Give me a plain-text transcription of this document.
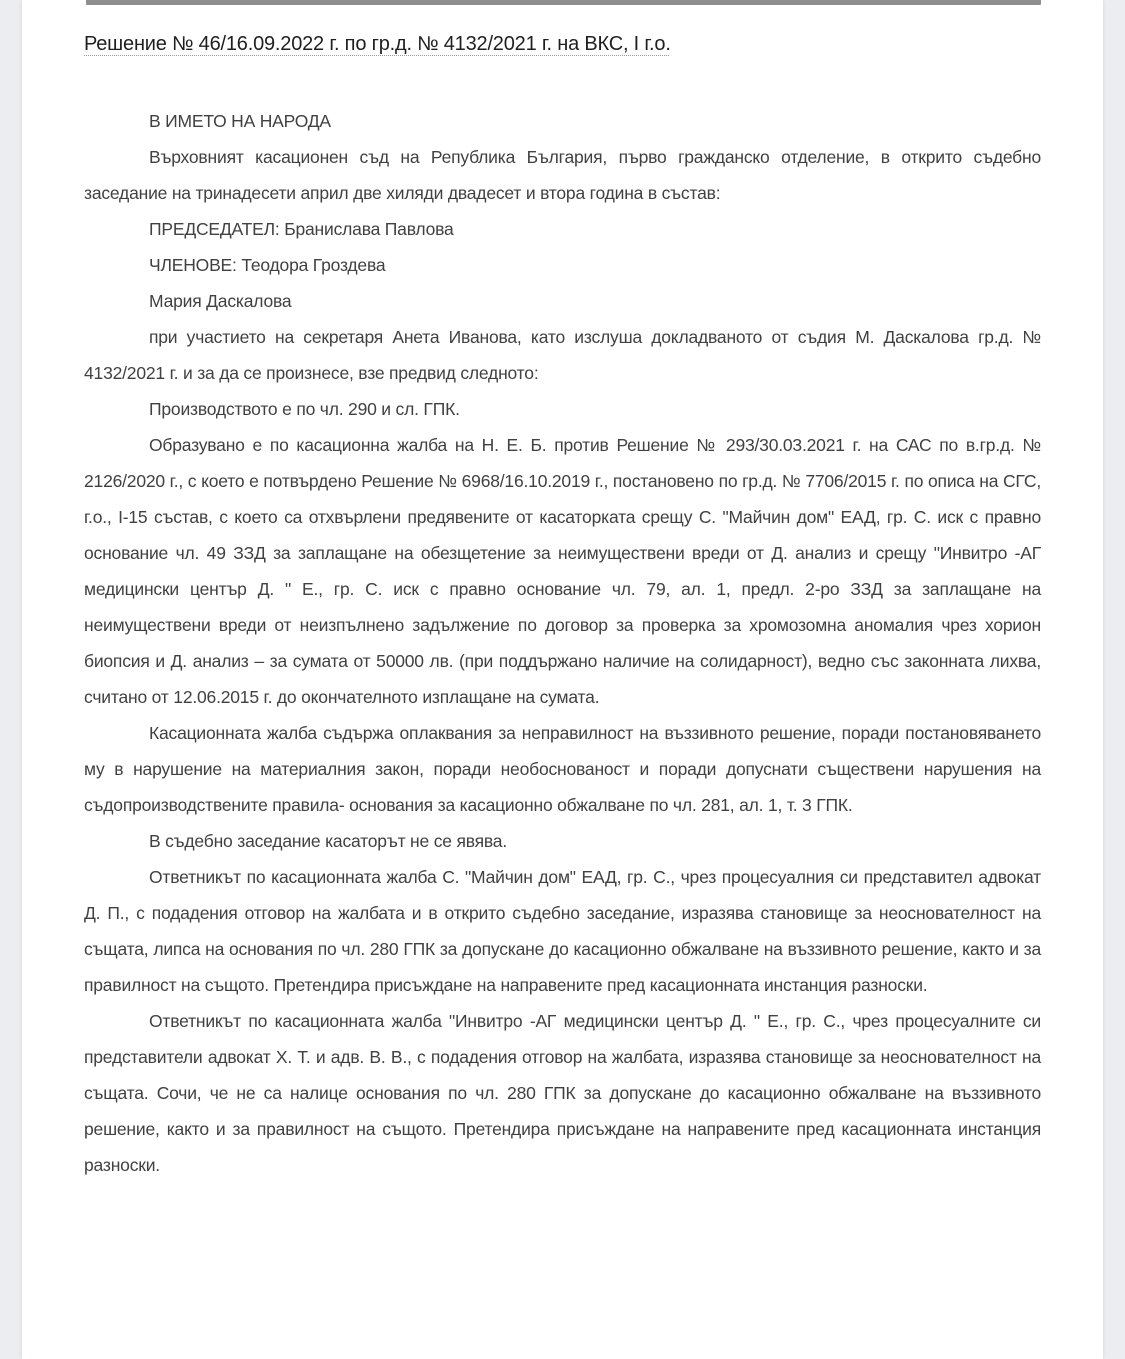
Решение № 46/16.09.2022 г. по гр.д. № 4132/2021 г. на ВКС, I г.о.

В ИМЕТО НА НАРОДА

Върховният касационен съд на Република България, първо гражданско отделение, в открито съдебно заседание на тринадесети април две хиляди двадесет и втора година в състав:

ПРЕДСЕДАТЕЛ: Бранислава Павлова

ЧЛЕНОВЕ: Теодора Гроздева

Мария Даскалова

при участието на секретаря Анета Иванова, като изслуша докладваното от съдия М. Даскалова гр.д. № 4132/2021 г. и за да се произнесе, взе предвид следното:

Производството е по чл. 290 и сл. ГПК.

Образувано е по касационна жалба на Н. Е. Б. против Решение № 293/30.03.2021 г. на САС по в.гр.д. № 2126/2020 г., с което е потвърдено Решение № 6968/16.10.2019 г., постановено по гр.д. № 7706/2015 г. по описа на СГС, г.о., I-15 състав, с което са отхвърлени предявените от касаторката срещу С. "Майчин дом" ЕАД, гр. С. иск с правно основание чл. 49 ЗЗД за заплащане на обезщетение за неимуществени вреди от Д. анализ и срещу "Инвитро -АГ медицински център Д. " Е., гр. С. иск с правно основание чл. 79, ал. 1, предл. 2-ро ЗЗД за заплащане на неимуществени вреди от неизпълнено задължение по договор за проверка за хромозомна аномалия чрез хорион биопсия и Д. анализ – за сумата от 50000 лв. (при поддържано наличие на солидарност), ведно със законната лихва, считано от 12.06.2015 г. до окончателното изплащане на сумата.

Касационната жалба съдържа оплаквания за неправилност на въззивното решение, поради постановяването му в нарушение на материалния закон, поради необоснованост и поради допуснати съществени нарушения на съдопроизводствените правила- основания за касационно обжалване по чл. 281, ал. 1, т. 3 ГПК.

В съдебно заседание касаторът не се явява.

Ответникът по касационната жалба С. "Майчин дом" ЕАД, гр. С., чрез процесуалния си представител адвокат Д. П., с подадения отговор на жалбата и в открито съдебно заседание, изразява становище за неоснователност на същата, липса на основания по чл. 280 ГПК за допускане до касационно обжалване на въззивното решение, както и за правилност на същото. Претендира присъждане на направените пред касационната инстанция разноски.

Ответникът по касационната жалба "Инвитро -АГ медицински център Д. " Е., гр. С., чрез процесуалните си представители адвокат Х. Т. и адв. В. В., с подадения отговор на жалбата, изразява становище за неоснователност на същата. Сочи, че не са налице основания по чл. 280 ГПК за допускане до касационно обжалване на въззивното решение, както и за правилност на същото. Претендира присъждане на направените пред касационната инстанция разноски.
